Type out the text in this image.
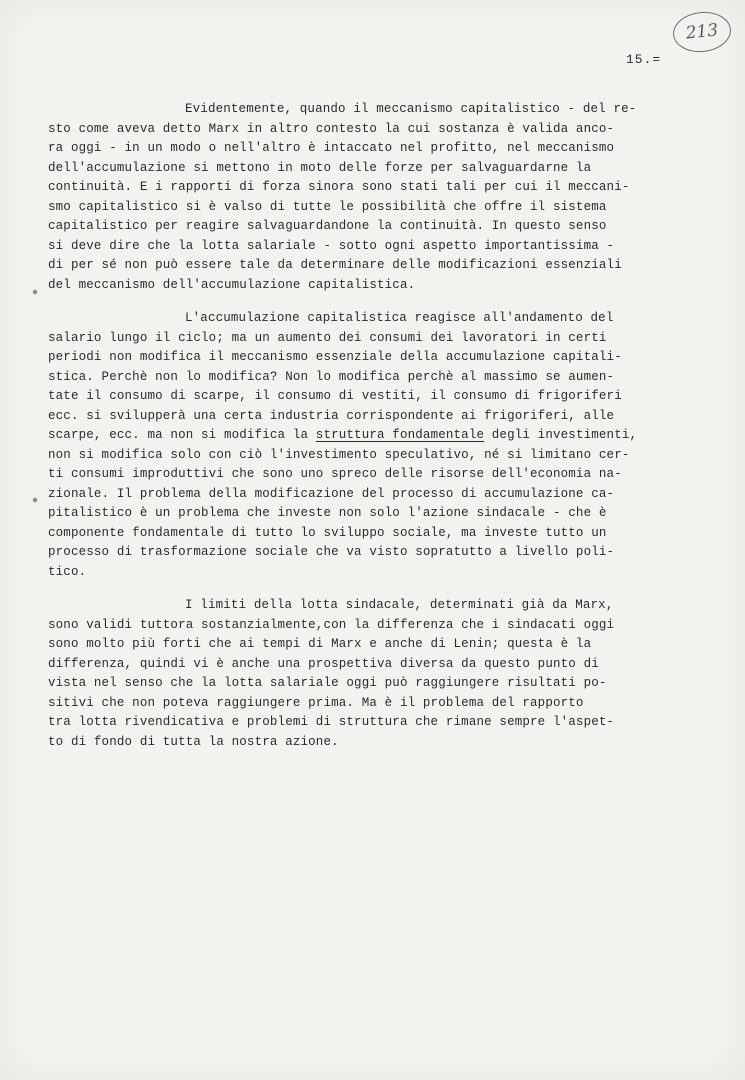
213
15.=
Evidentemente, quando il meccanismo capitalistico - del re-
sto come aveva detto Marx in altro contesto la cui sostanza è valida anco-
ra oggi - in un modo o nell'altro è intaccato nel profitto, nel meccanismo
dell'accumulazione si mettono in moto delle forze per salvaguardarne la
continuità. E i rapporti di forza sinora sono stati tali per cui il meccani-
smo capitalistico si è valso di tutte le possibilità che offre il sistema
capitalistico per reagire salvaguardandone la continuità. In questo senso
si deve dire che la lotta salariale - sotto ogni aspetto importantissima -
di per sé non può essere tale da determinare delle modificazioni essenziali
del meccanismo dell'accumulazione capitalistica.
L'accumulazione capitalistica reagisce all'andamento del
salario lungo il ciclo; ma un aumento dei consumi dei lavoratori in certi
periodi non modifica il meccanismo essenziale della accumulazione capitali-
stica. Perchè non lo modifica? Non lo modifica perchè al massimo se aumen-
tate il consumo di scarpe, il consumo di vestiti, il consumo di frigoriferi
ecc. si svilupperà una certa industria corrispondente ai frigoriferi, alle
scarpe, ecc. ma non si modifica la struttura fondamentale degli investimenti,
non si modifica solo con ciò l'investimento speculativo, né si limitano cer-
ti consumi improduttivi che sono uno spreco delle risorse dell'economia na-
zionale. Il problema della modificazione del processo di accumulazione ca-
pitalistico è un problema che investe non solo l'azione sindacale - che è
componente fondamentale di tutto lo sviluppo sociale, ma investe tutto un
processo di trasformazione sociale che va visto sopratutto a livello poli-
tico.
I limiti della lotta sindacale, determinati già da Marx,
sono validi tuttora sostanzialmente,con la differenza che i sindacati oggi
sono molto più forti che ai tempi di Marx e anche di Lenin; questa è la
differenza, quindi vi è anche una prospettiva diversa da questo punto di
vista nel senso che la lotta salariale oggi può raggiungere risultati po-
sitivi che non poteva raggiungere prima. Ma è il problema del rapporto
tra lotta rivendicativa e problemi di struttura che rimane sempre l'aspet-
to di fondo di tutta la nostra azione.
